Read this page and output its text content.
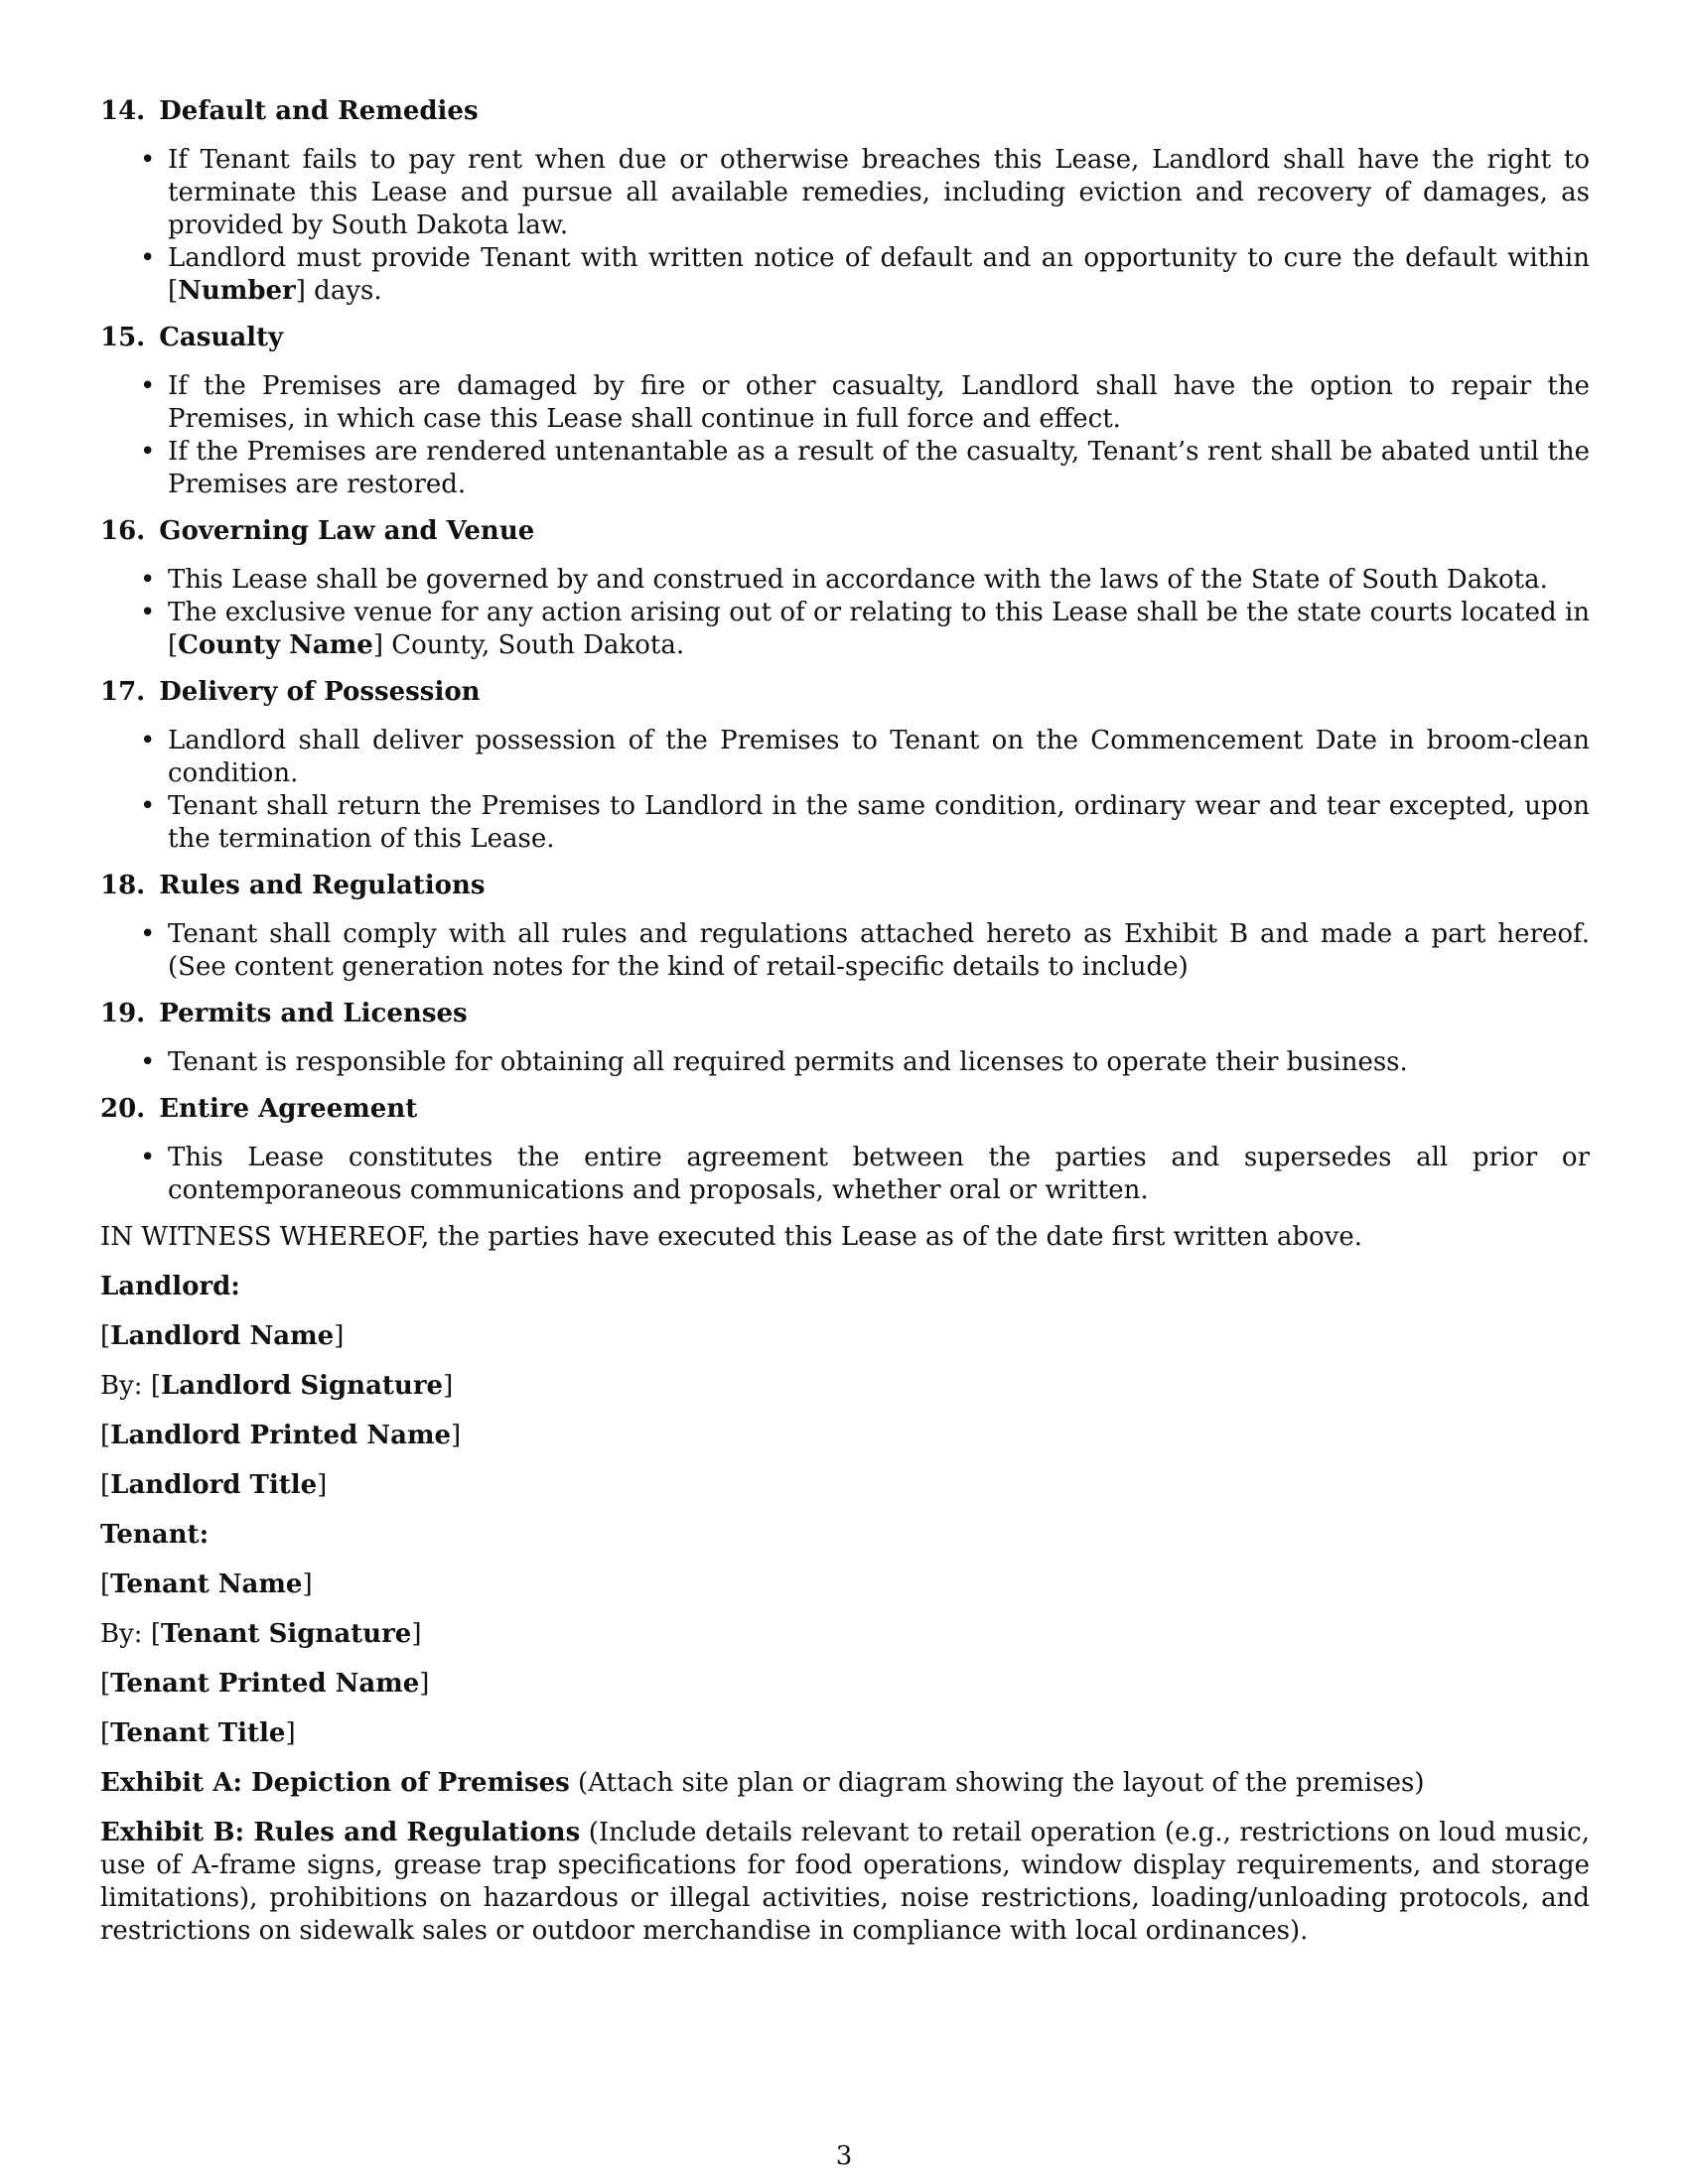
14. Default and Remedies
• If Tenant fails to pay rent when due or otherwise breaches this Lease, Landlord shall have the right to terminate this Lease and pursue all available remedies, including eviction and recovery of damages, as provided by South Dakota law.
• Landlord must provide Tenant with written notice of default and an opportunity to cure the default within [Number] days.
15. Casualty
• If the Premises are damaged by fire or other casualty, Landlord shall have the option to repair the Premises, in which case this Lease shall continue in full force and effect.
• If the Premises are rendered untenantable as a result of the casualty, Tenant’s rent shall be abated until the Premises are restored.
16. Governing Law and Venue
• This Lease shall be governed by and construed in accordance with the laws of the State of South Dakota.
• The exclusive venue for any action arising out of or relating to this Lease shall be the state courts located in [County Name] County, South Dakota.
17. Delivery of Possession
• Landlord shall deliver possession of the Premises to Tenant on the Commencement Date in broom-clean condition.
• Tenant shall return the Premises to Landlord in the same condition, ordinary wear and tear excepted, upon the termination of this Lease.
18. Rules and Regulations
• Tenant shall comply with all rules and regulations attached hereto as Exhibit B and made a part hereof. (See content generation notes for the kind of retail-specific details to include)
19. Permits and Licenses
• Tenant is responsible for obtaining all required permits and licenses to operate their business.
20. Entire Agreement
• This Lease constitutes the entire agreement between the parties and supersedes all prior or contemporaneous communications and proposals, whether oral or written.

IN WITNESS WHEREOF, the parties have executed this Lease as of the date first written above.

Landlord:

[Landlord Name]

By: [Landlord Signature]

[Landlord Printed Name]

[Landlord Title]

Tenant:

[Tenant Name]

By: [Tenant Signature]

[Tenant Printed Name]

[Tenant Title]

Exhibit A: Depiction of Premises (Attach site plan or diagram showing the layout of the premises)

Exhibit B: Rules and Regulations (Include details relevant to retail operation (e.g., restrictions on loud music, use of A-frame signs, grease trap specifications for food operations, window display requirements, and storage limitations), prohibitions on hazardous or illegal activities, noise restrictions, loading/unloading protocols, and restrictions on sidewalk sales or outdoor merchandise in compliance with local ordinances).

3
